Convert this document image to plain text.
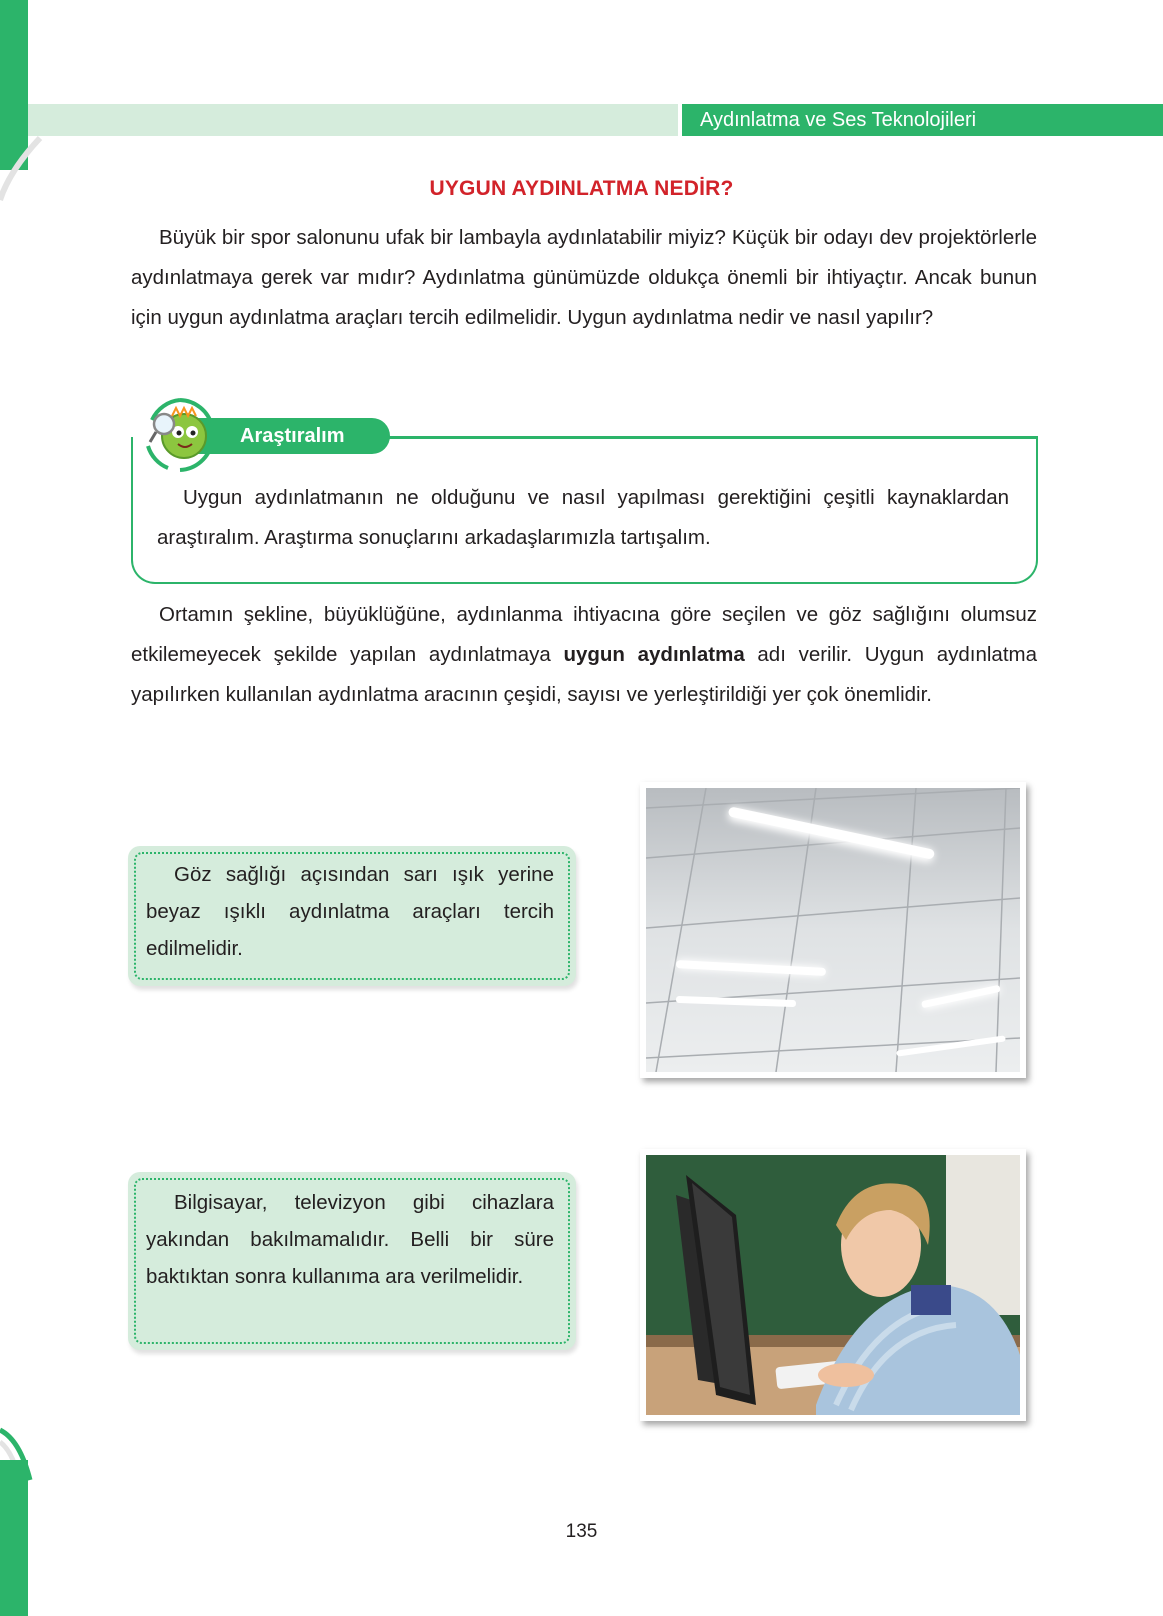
Aydınlatma ve Ses Teknolojileri
UYGUN AYDINLATMA NEDİR?
Büyük bir spor salonunu ufak bir lambayla aydınlatabilir miyiz? Küçük bir odayı dev projektörlerle aydınlatmaya gerek var mıdır? Aydınlatma günümüzde oldukça önemli bir ihtiyaçtır. Ancak bunun için uygun aydınlatma araçları tercih edilmelidir. Uygun aydınlatma nedir ve nasıl yapılır?
Araştıralım
Uygun aydınlatmanın ne olduğunu ve nasıl yapılması gerektiğini çeşitli kaynaklardan araştıralım. Araştırma sonuçlarını arkadaşlarımızla tartışalım.
Ortamın şekline, büyüklüğüne, aydınlanma ihtiyacına göre seçilen ve göz sağlığını olumsuz etkilemeyecek şekilde yapılan aydınlatmaya uygun aydınlatma adı verilir. Uygun aydınlatma yapılırken kullanılan aydınlatma aracının çeşidi, sayısı ve yerleştirildiği yer çok önemlidir.
Göz sağlığı açısından sarı ışık yerine beyaz ışıklı aydınlatma araçları tercih edilmelidir.
Bilgisayar, televizyon gibi cihazlara yakından bakılmamalıdır. Belli bir süre baktıktan sonra kullanıma ara verilmelidir.
135
